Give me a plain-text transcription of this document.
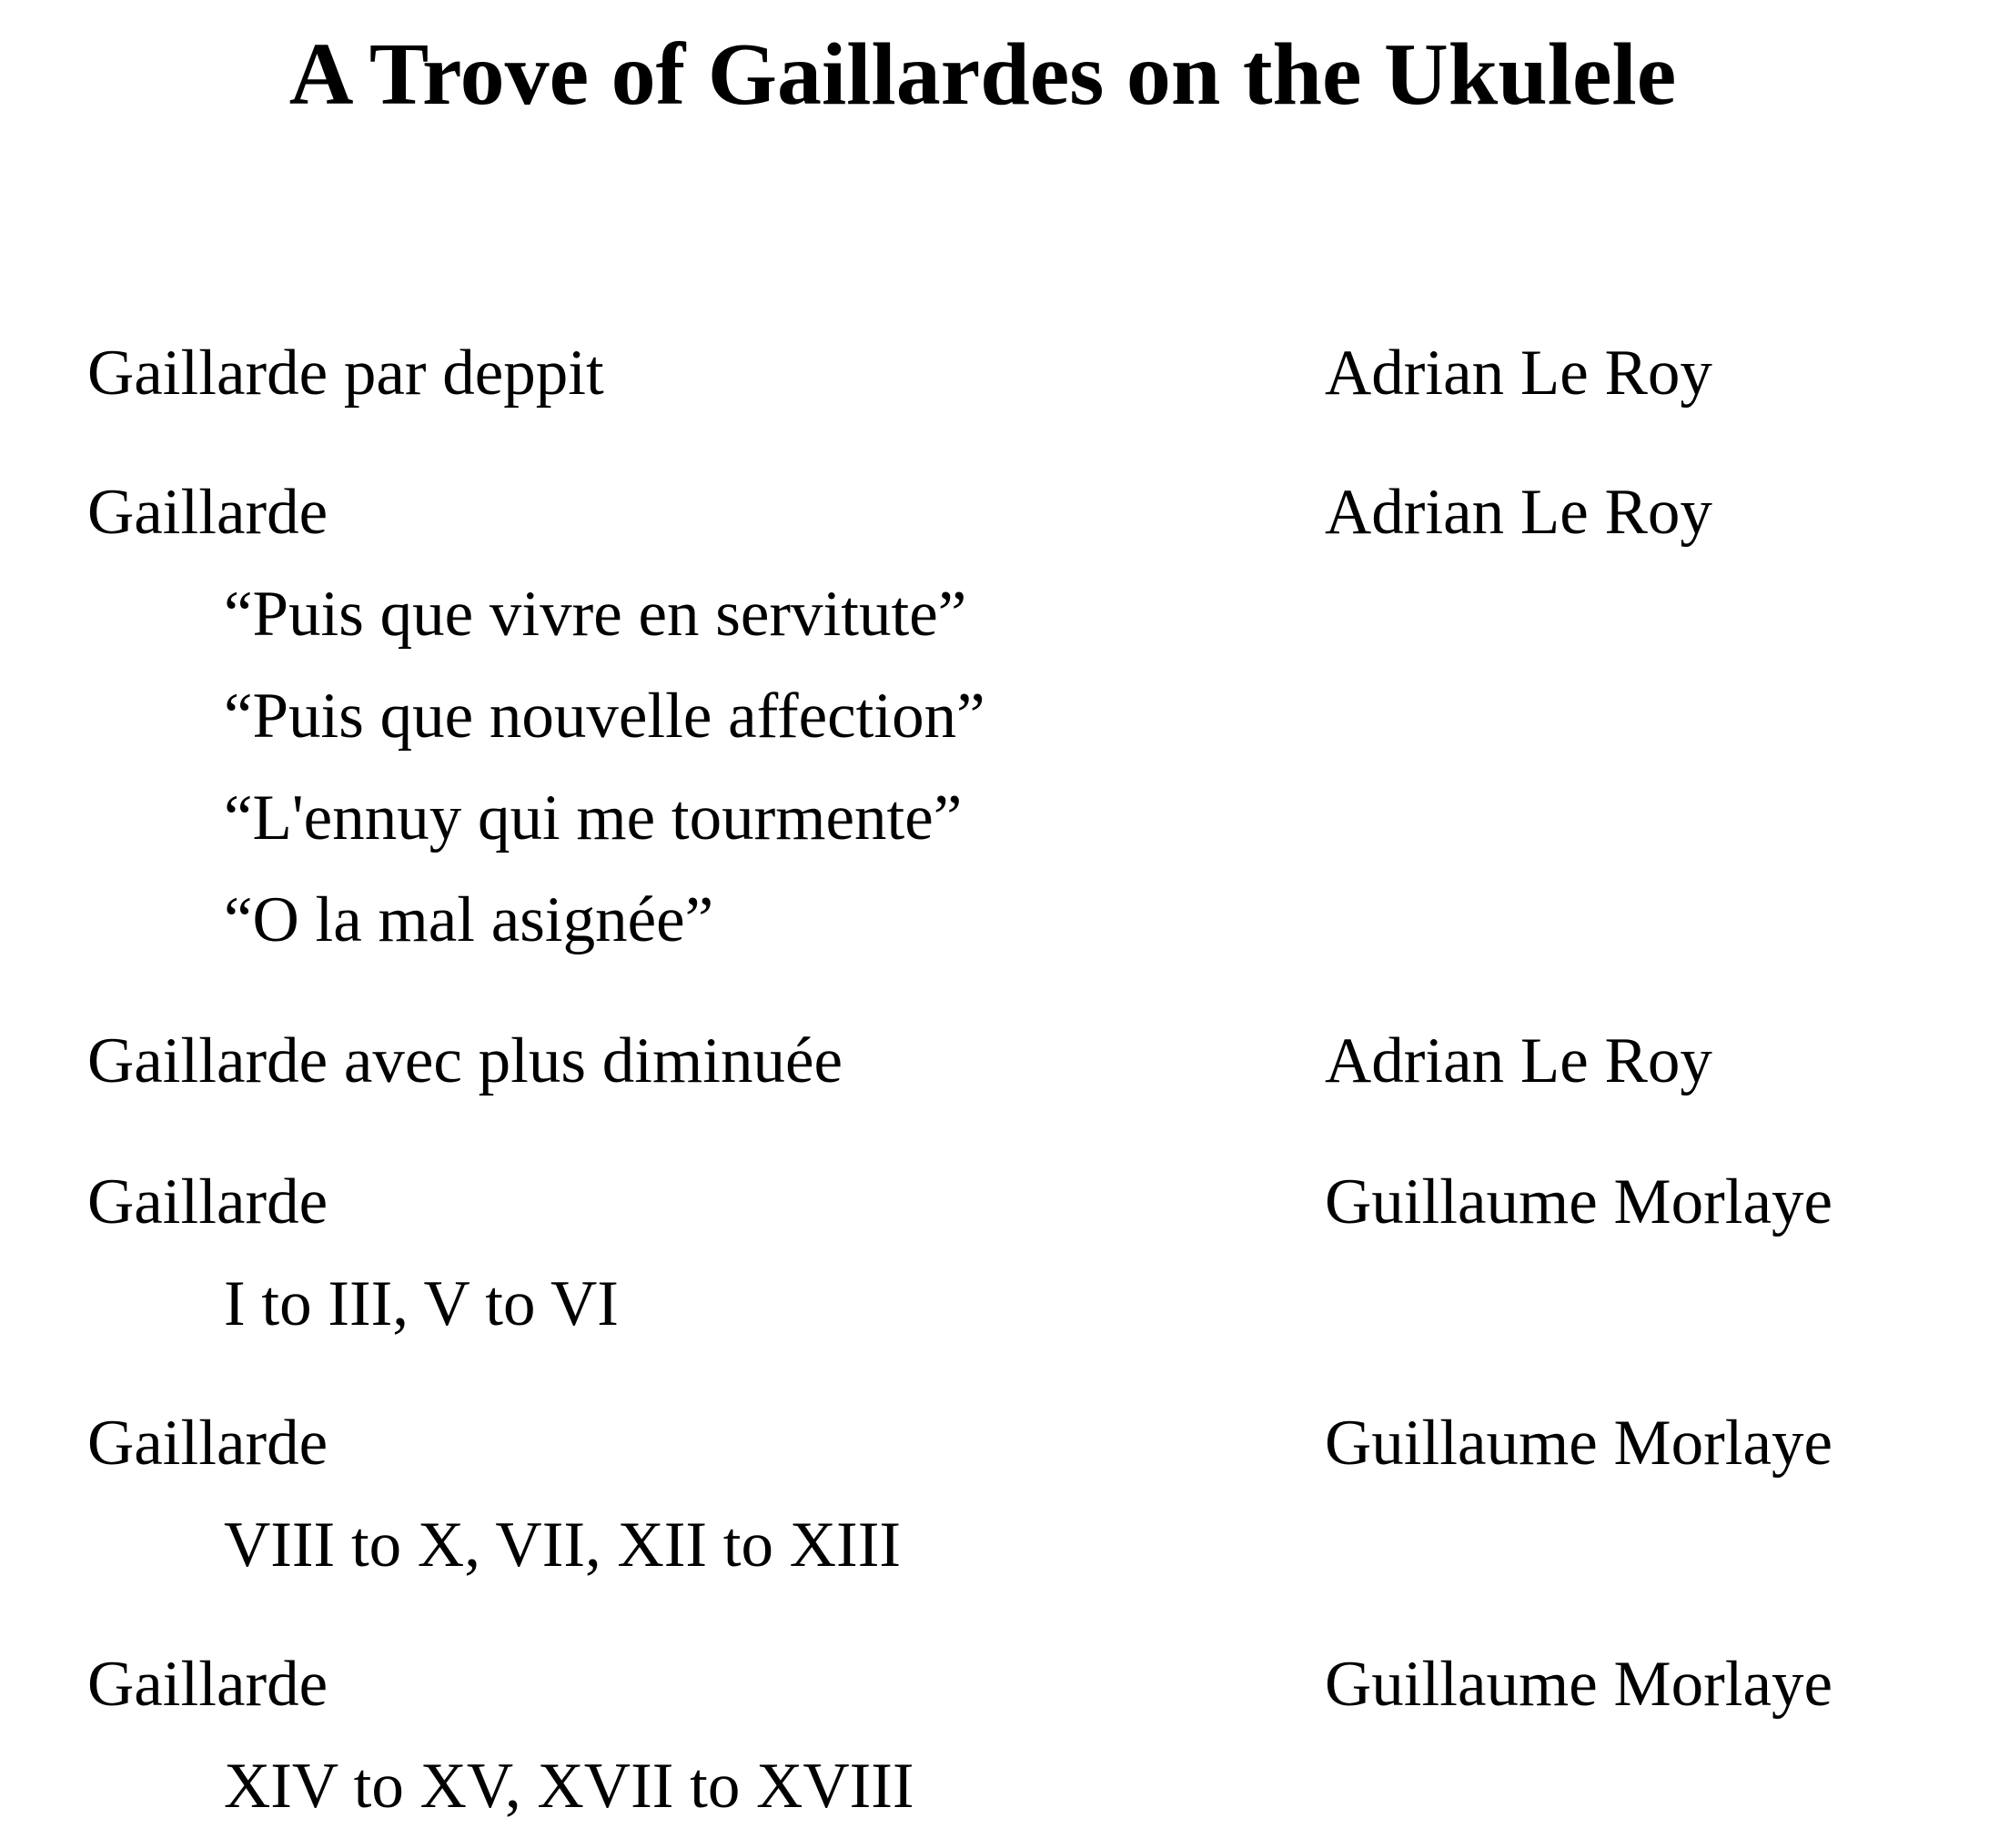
A Trove of Gaillardes on the Ukulele
Gaillarde par deppit	Adrian Le Roy
Gaillarde	Adrian Le Roy
“Puis que vivre en servitute”
“Puis que nouvelle affection”
“L'ennuy qui me tourmente”
“O la mal asignée”
Gaillarde avec plus diminuée	Adrian Le Roy
Gaillarde	Guillaume Morlaye
I to III, V to VI
Gaillarde	Guillaume Morlaye
VIII to X, VII, XII to XIII
Gaillarde	Guillaume Morlaye
XIV to XV, XVII to XVIII
